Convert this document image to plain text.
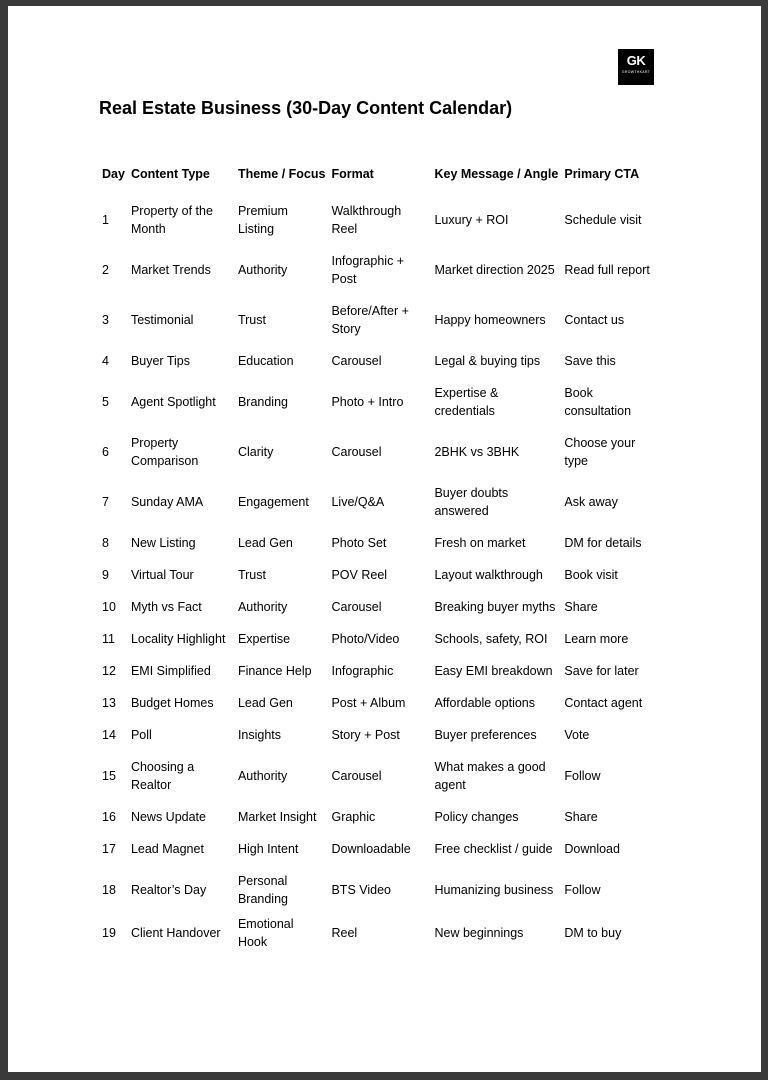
GK
GROWTHKART
Real Estate Business (30-Day Content Calendar)
Day	Content Type	Theme / Focus	Format	Key Message / Angle	Primary CTA
1	Property of the Month	Premium Listing	Walkthrough Reel	Luxury + ROI	Schedule visit
2	Market Trends	Authority	Infographic + Post	Market direction 2025	Read full report
3	Testimonial	Trust	Before/After + Story	Happy homeowners	Contact us
4	Buyer Tips	Education	Carousel	Legal & buying tips	Save this
5	Agent Spotlight	Branding	Photo + Intro	Expertise & credentials	Book consultation
6	Property Comparison	Clarity	Carousel	2BHK vs 3BHK	Choose your type
7	Sunday AMA	Engagement	Live/Q&A	Buyer doubts answered	Ask away
8	New Listing	Lead Gen	Photo Set	Fresh on market	DM for details
9	Virtual Tour	Trust	POV Reel	Layout walkthrough	Book visit
10	Myth vs Fact	Authority	Carousel	Breaking buyer myths	Share
11	Locality Highlight	Expertise	Photo/Video	Schools, safety, ROI	Learn more
12	EMI Simplified	Finance Help	Infographic	Easy EMI breakdown	Save for later
13	Budget Homes	Lead Gen	Post + Album	Affordable options	Contact agent
14	Poll	Insights	Story + Post	Buyer preferences	Vote
15	Choosing a Realtor	Authority	Carousel	What makes a good agent	Follow
16	News Update	Market Insight	Graphic	Policy changes	Share
17	Lead Magnet	High Intent	Downloadable	Free checklist / guide	Download
18	Realtor’s Day	Personal Branding	BTS Video	Humanizing business	Follow
19	Client Handover	Emotional Hook	Reel	New beginnings	DM to buy
